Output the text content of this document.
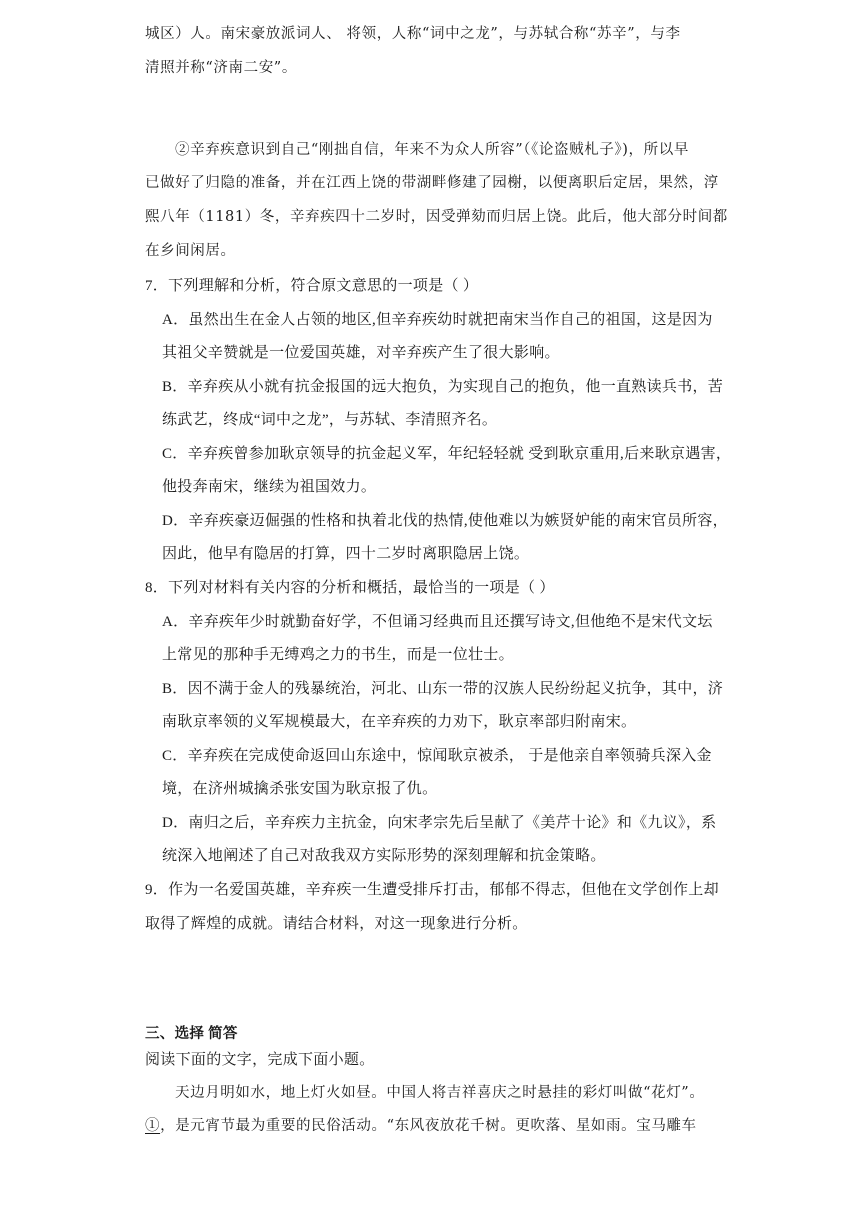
城区）人。南宋豪放派词人、 将领，人称“词中之龙”，与苏轼合称“苏辛”，与李
清照并称“济南二安”。
②辛弃疾意识到自己“刚拙自信，年来不为众人所容”（《论盗贼札子》)，所以早
已做好了归隐的准备，并在江西上饶的带湖畔修建了园榭，以便离职后定居，果然，淳
熙八年（1181）冬，辛弃疾四十二岁时，因受弹劾而归居上饶。此后，他大部分时间都
在乡间闲居。
7．下列理解和分析，符合原文意思的一项是（ ）
A．虽然出生在金人占领的地区,但辛弃疾幼时就把南宋当作自己的祖国，这是因为
其祖父辛赞就是一位爱国英雄，对辛弃疾产生了很大影响。
B．辛弃疾从小就有抗金报国的远大抱负，为实现自己的抱负，他一直熟读兵书，苦
练武艺，终成“词中之龙”，与苏轼、李清照齐名。
C．辛弃疾曾参加耿京领导的抗金起义军，年纪轻轻就 受到耿京重用,后来耿京遇害，
他投奔南宋，继续为祖国效力。
D．辛弃疾豪迈倔强的性格和执着北伐的热情,使他难以为嫉贤妒能的南宋官员所容，
因此，他早有隐居的打算，四十二岁时离职隐居上饶。
8．下列对材料有关内容的分析和概括，最恰当的一项是（ ）
A．辛弃疾年少时就勤奋好学，不但诵习经典而且还撰写诗文,但他绝不是宋代文坛
上常见的那种手无缚鸡之力的书生，而是一位壮士。
B．因不满于金人的残暴统治，河北、山东一带的汉族人民纷纷起义抗争，其中，济
南耿京率领的义军规模最大，在辛弃疾的力劝下，耿京率部归附南宋。
C．辛弃疾在完成使命返回山东途中，惊闻耿京被杀， 于是他亲自率领骑兵深入金
境，在济州城擒杀张安国为耿京报了仇。
D．南归之后，辛弃疾力主抗金，向宋孝宗先后呈献了《美芹十论》和《九议》，系
统深入地阐述了自己对敌我双方实际形势的深刻理解和抗金策略。
9．作为一名爱国英雄，辛弃疾一生遭受排斥打击，郁郁不得志，但他在文学创作上却
取得了辉煌的成就。请结合材料，对这一现象进行分析。
三、选择 简答
阅读下面的文字，完成下面小题。
天边月明如水，地上灯火如昼。中国人将吉祥喜庆之时悬挂的彩灯叫做“花灯”。
①，是元宵节最为重要的民俗活动。“东风夜放花千树。更吹落、星如雨。宝马雕车
